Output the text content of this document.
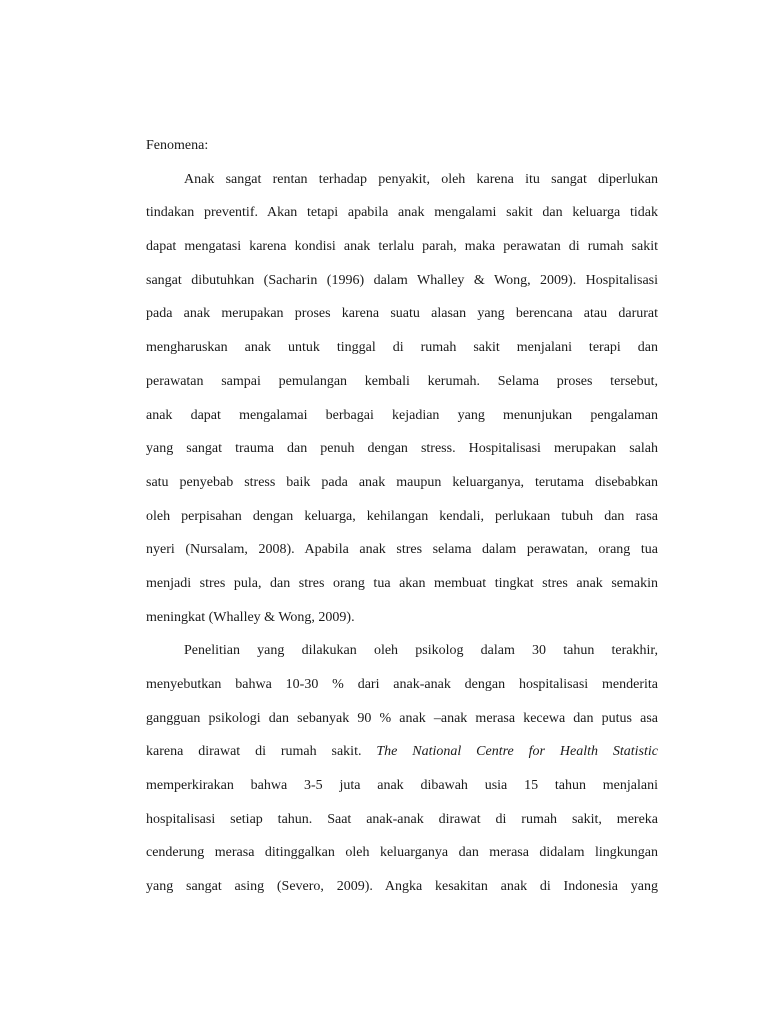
Fenomena:
Anak sangat rentan terhadap penyakit, oleh karena itu sangat diperlukan
tindakan preventif. Akan tetapi apabila anak mengalami sakit dan keluarga tidak
dapat mengatasi karena kondisi anak terlalu parah, maka perawatan di rumah sakit
sangat dibutuhkan (Sacharin (1996) dalam Whalley & Wong, 2009). Hospitalisasi
pada anak merupakan proses karena suatu alasan yang berencana atau darurat
mengharuskan anak untuk tinggal di rumah sakit menjalani terapi dan
perawatan sampai pemulangan kembali kerumah. Selama proses tersebut,
anak dapat mengalamai berbagai kejadian yang menunjukan pengalaman
yang sangat trauma dan penuh dengan stress. Hospitalisasi merupakan salah
satu penyebab stress baik pada anak maupun keluarganya, terutama disebabkan
oleh perpisahan dengan keluarga, kehilangan kendali, perlukaan tubuh dan rasa
nyeri (Nursalam, 2008). Apabila anak stres selama dalam perawatan, orang tua
menjadi stres pula, dan stres orang tua akan membuat tingkat stres anak semakin
meningkat (Whalley & Wong, 2009).
Penelitian yang dilakukan oleh psikolog dalam 30 tahun terakhir,
menyebutkan bahwa 10-30 % dari anak-anak dengan hospitalisasi menderita
gangguan psikologi dan sebanyak 90 % anak –anak merasa kecewa dan putus asa
karena dirawat di rumah sakit. The National Centre for Health Statistic
memperkirakan bahwa 3-5 juta anak dibawah usia 15 tahun menjalani
hospitalisasi setiap tahun. Saat anak-anak dirawat di rumah sakit, mereka
cenderung merasa ditinggalkan oleh keluarganya dan merasa didalam lingkungan
yang sangat asing (Severo, 2009). Angka kesakitan anak di Indonesia yang
